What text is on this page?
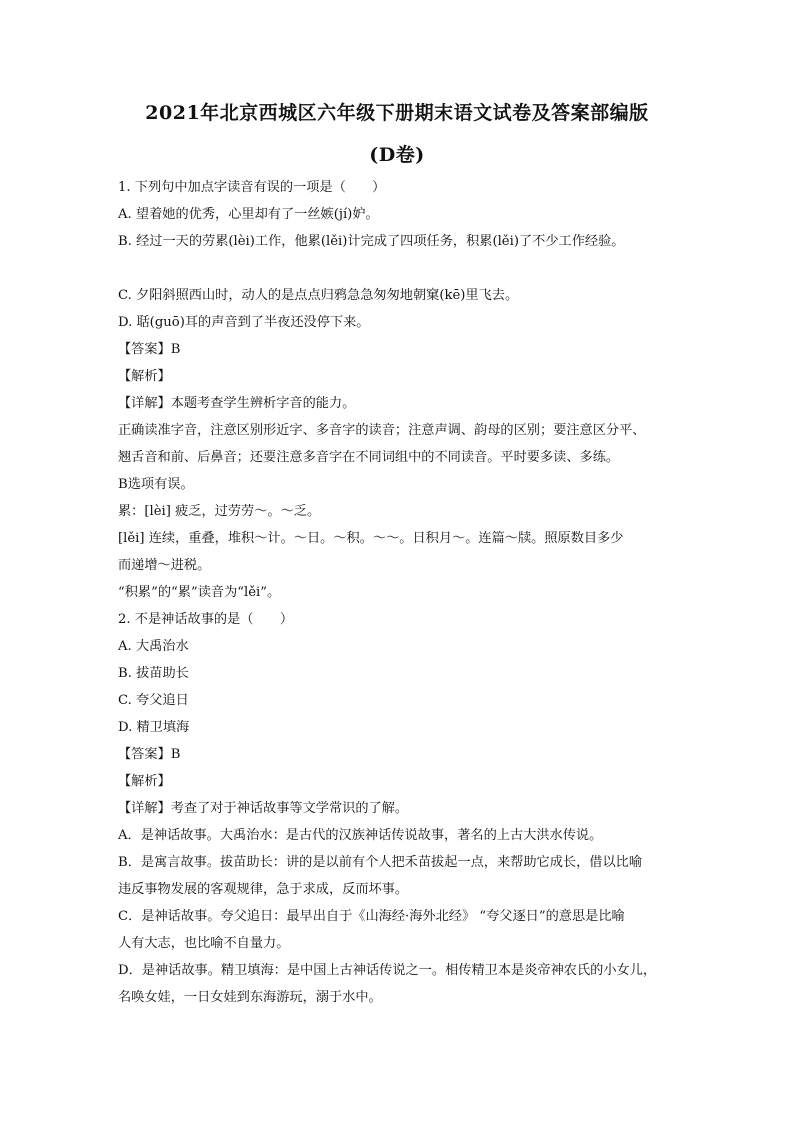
2021年北京西城区六年级下册期末语文试卷及答案部编版
(D卷)
1. 下列句中加点字读音有误的一项是（　　）
A. 望着她的优秀，心里却有了一丝嫉(jí)妒。
B. 经过一天的劳累(lèi)工作，他累(lěi)计完成了四项任务，积累(lěi)了不少工作经验。
C. 夕阳斜照西山时，动人的是点点归鸦急急匆匆地朝窠(kē)里飞去。
D. 聒(guō)耳的声音到了半夜还没停下来。
【答案】B
【解析】
【详解】本题考查学生辨析字音的能力。
正确读准字音，注意区别形近字、多音字的读音；注意声调、韵母的区别；要注意区分平、
翘舌音和前、后鼻音；还要注意多音字在不同词组中的不同读音。平时要多读、多练。
B选项有误。
累：[lèi] 疲乏，过劳劳～。～乏。
[lěi] 连续，重叠，堆积～计。～日。～积。～～。日积月～。连篇～牍。照原数目多少
而递增～进税。
“积累”的“累”读音为“lěi”。
2. 不是神话故事的是（　　）
A. 大禹治水
B. 拔苗助长
C. 夸父追日
D. 精卫填海
【答案】B
【解析】
【详解】考查了对于神话故事等文学常识的了解。
A．是神话故事。大禹治水：是古代的汉族神话传说故事，著名的上古大洪水传说。
B．是寓言故事。拔苗助长：讲的是以前有个人把禾苗拔起一点，来帮助它成长，借以比喻
违反事物发展的客观规律，急于求成，反而坏事。
C．是神话故事。夸父追日：最早出自于《山海经·海外北经》 “夸父逐日”的意思是比喻
人有大志，也比喻不自量力。
D．是神话故事。精卫填海：是中国上古神话传说之一。相传精卫本是炎帝神农氏的小女儿，
名唤女娃，一日女娃到东海游玩，溺于水中。
